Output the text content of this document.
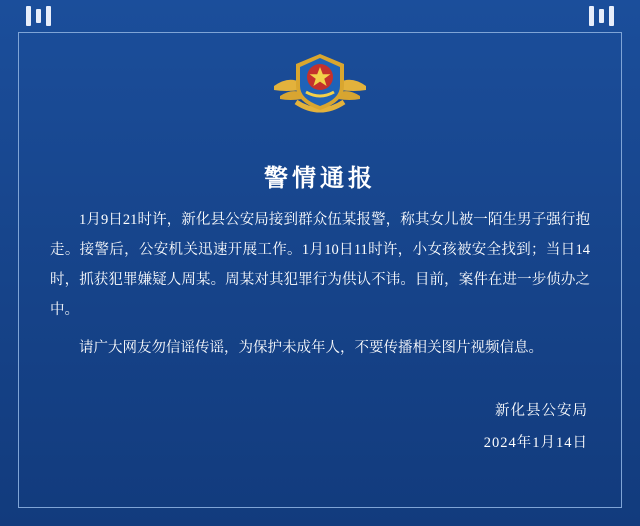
警情通报

1月9日21时许，新化县公安局接到群众伍某报警，称其女儿被一陌生男子强行抱走。接警后，公安机关迅速开展工作。1月10日11时许，小女孩被安全找到；当日14时，抓获犯罪嫌疑人周某。周某对其犯罪行为供认不讳。目前，案件在进一步侦办之中。

请广大网友勿信谣传谣，为保护未成年人，不要传播相关图片视频信息。

新化县公安局
2024年1月14日
